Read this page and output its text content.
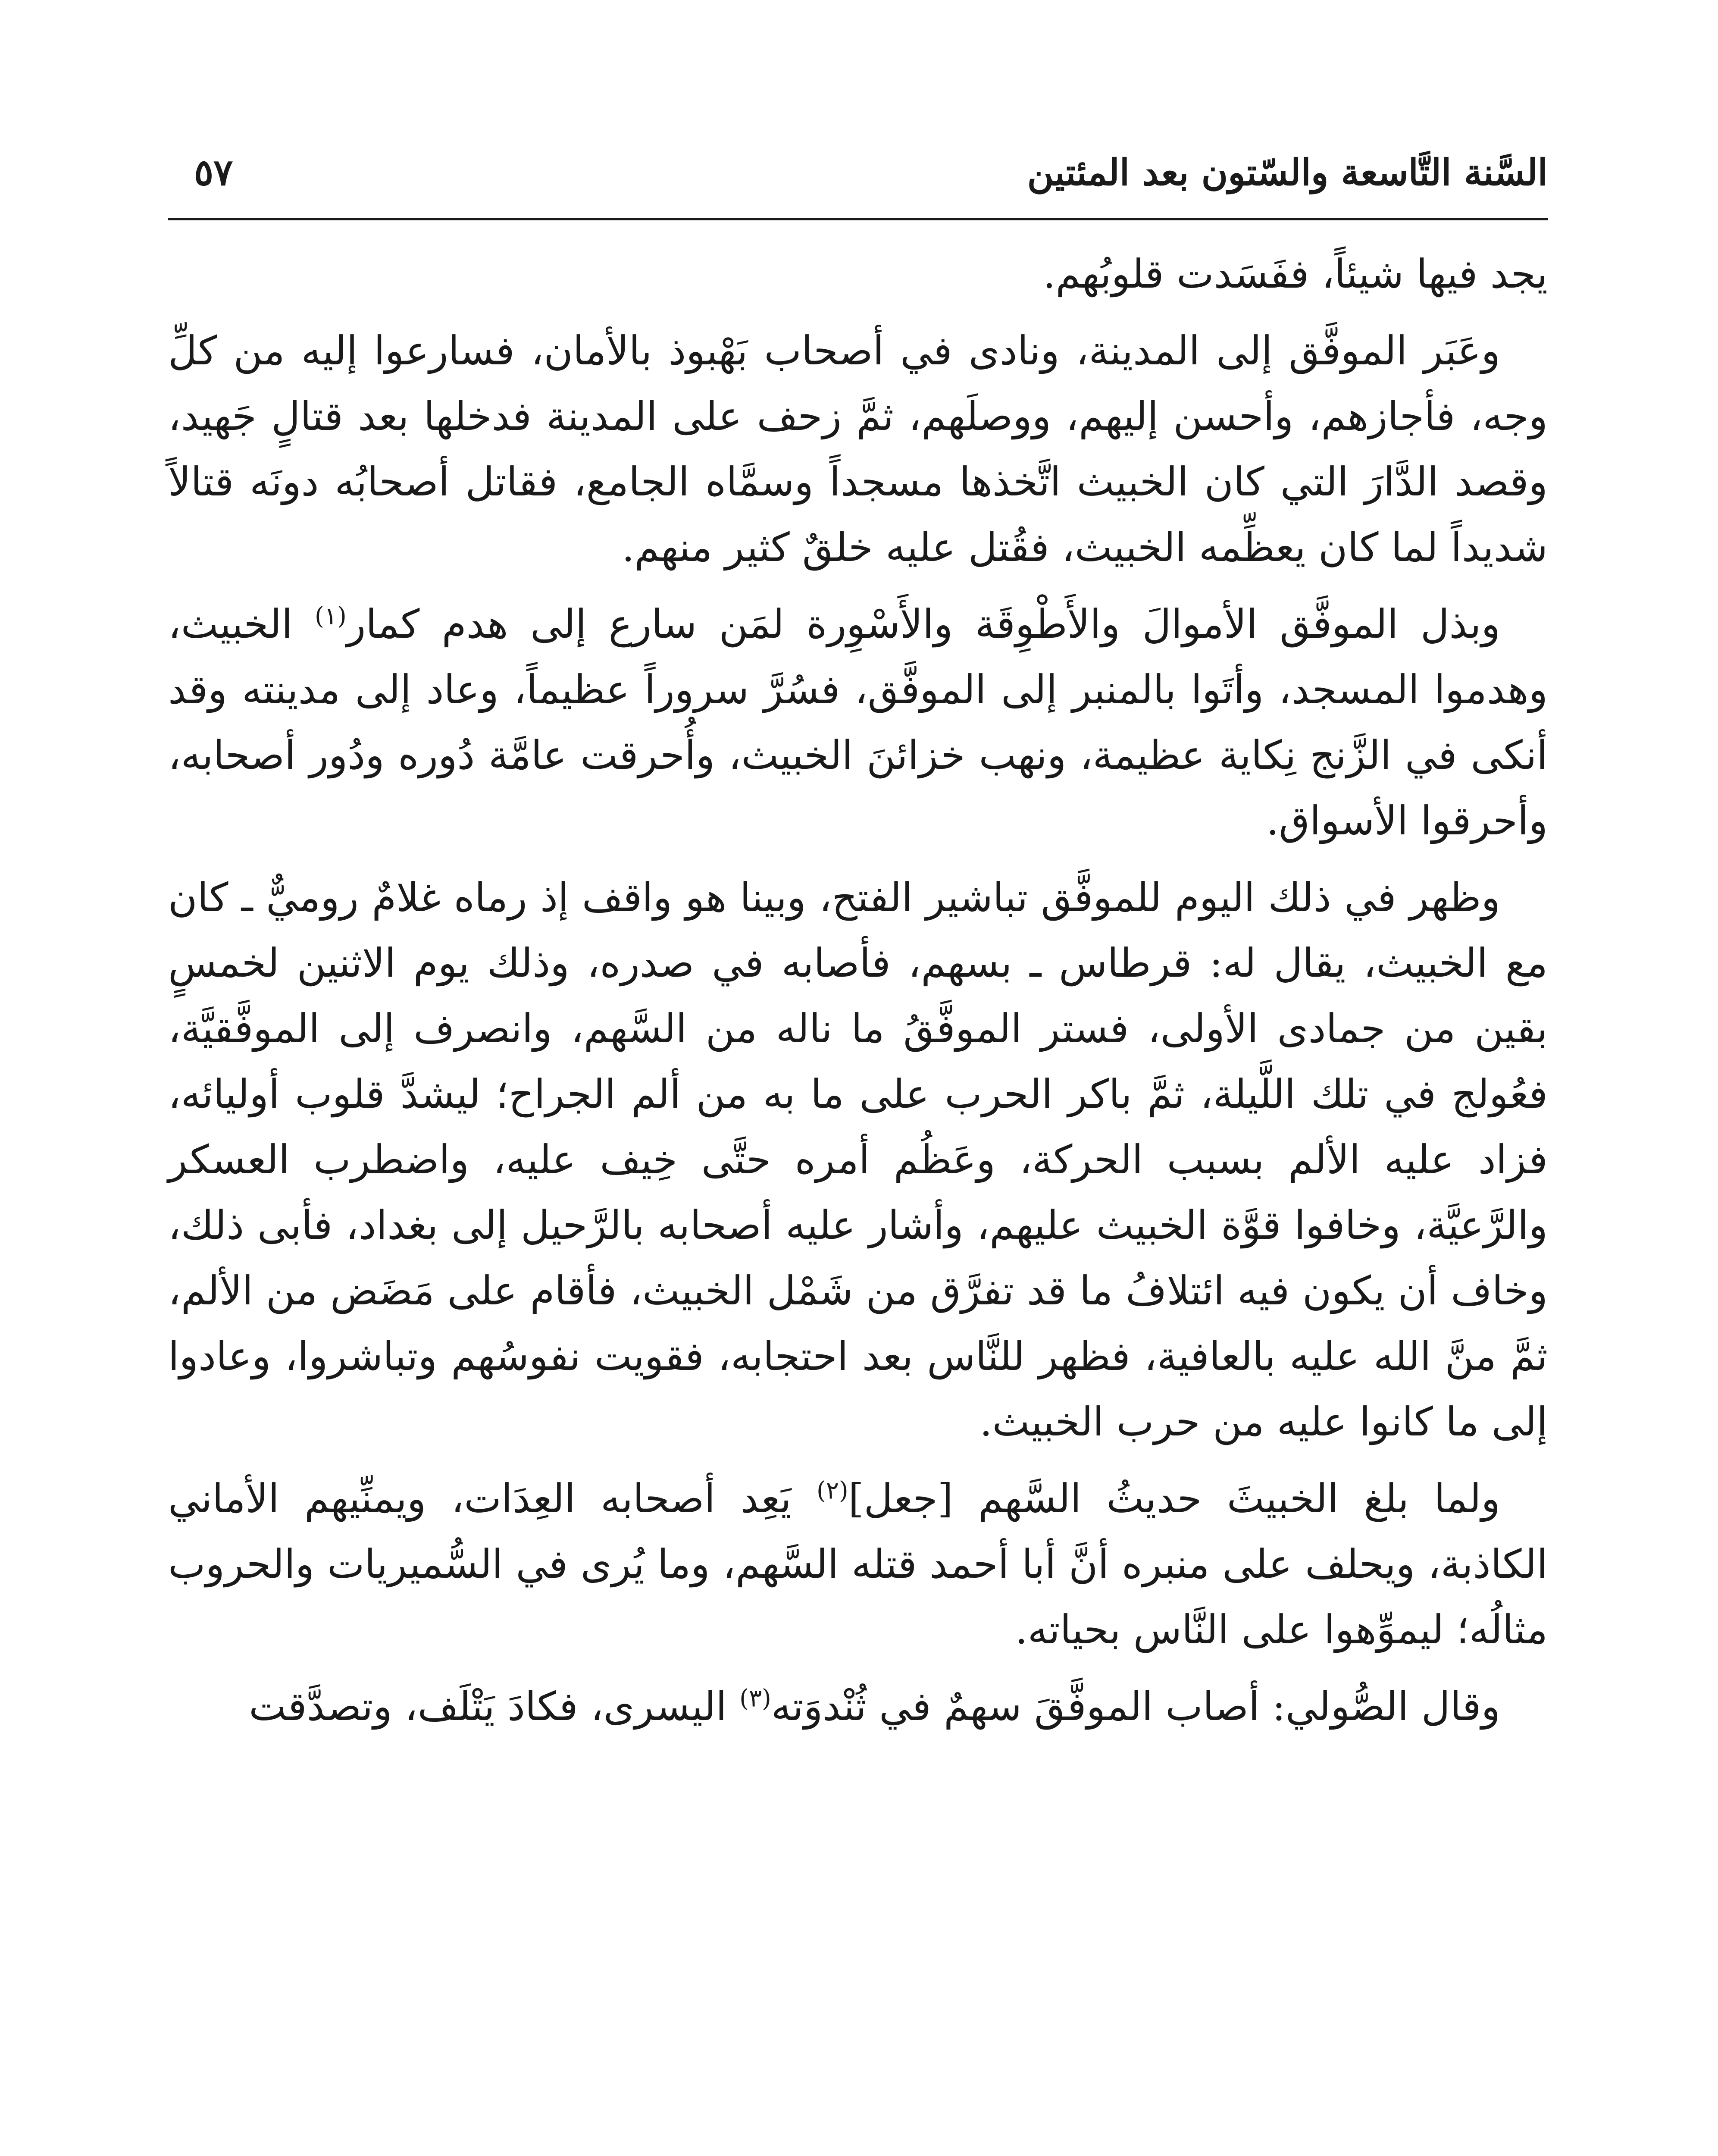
السَّنة التَّاسعة والسّتون بعد المئتين
٥٧

يجد فيها شيئاً، ففَسَدت قلوبُهم.

وعَبَر الموفَّق إلى المدينة، ونادى في أصحاب بَهْبوذ بالأمان، فسارعوا إليه من كلِّ وجه، فأجازهم، وأحسن إليهم، ووصلَهم، ثمَّ زحف على المدينة فدخلها بعد قتالٍ جَهيد، وقصد الدَّارَ التي كان الخبيث اتَّخذها مسجداً وسمَّاه الجامع، فقاتل أصحابُه دونَه قتالاً شديداً لما كان يعظِّمه الخبيث، فقُتل عليه خلقٌ كثير منهم.

وبذل الموفَّق الأموالَ والأَطْوِقَة والأَسْوِرة لمَن سارع إلى هدم كمار$^{(١)}$ الخبيث، وهدموا المسجد، وأتَوا بالمنبر إلى الموفَّق، فسُرَّ سروراً عظيماً، وعاد إلى مدينته وقد أنكى في الزَّنج نِكاية عظيمة، ونهب خزائنَ الخبيث، وأُحرقت عامَّة دُوره ودُور أصحابه، وأحرقوا الأسواق.

وظهر في ذلك اليوم للموفَّق تباشير الفتح، وبينا هو واقف إذ رماه غلامٌ روميٌّ ـ كان مع الخبيث، يقال له: قرطاس ـ بسهم، فأصابه في صدره، وذلك يوم الاثنين لخمسٍ بقين من جمادى الأولى، فستر الموفَّقُ ما ناله من السَّهم، وانصرف إلى الموفَّقيَّة، فعُولج في تلك اللَّيلة، ثمَّ باكر الحرب على ما به من ألم الجراح؛ ليشدَّ قلوب أوليائه، فزاد عليه الألم بسبب الحركة، وعَظُم أمره حتَّى خِيف عليه، واضطرب العسكر والرَّعيَّة، وخافوا قوَّة الخبيث عليهم، وأشار عليه أصحابه بالرَّحيل إلى بغداد، فأبى ذلك، وخاف أن يكون فيه ائتلافُ ما قد تفرَّق من شَمْل الخبيث، فأقام على مَضَض من الألم، ثمَّ منَّ الله عليه بالعافية، فظهر للنَّاس بعد احتجابه، فقويت نفوسُهم وتباشروا، وعادوا إلى ما كانوا عليه من حرب الخبيث.

ولما بلغ الخبيثَ حديثُ السَّهم [جعل]$^{(٢)}$ يَعِد أصحابه العِدَات، ويمنِّيهم الأماني الكاذبة، ويحلف على منبره أنَّ أبا أحمد قتله السَّهم، وما يُرى في السُّميريات والحروب مثالُه؛ ليموِّهوا على النَّاس بحياته.

وقال الصُّولي: أصاب الموفَّقَ سهمٌ في ثُنْدوَته$^{(٣)}$ اليسرى، فكادَ يَتْلَف، وتصدَّقت
